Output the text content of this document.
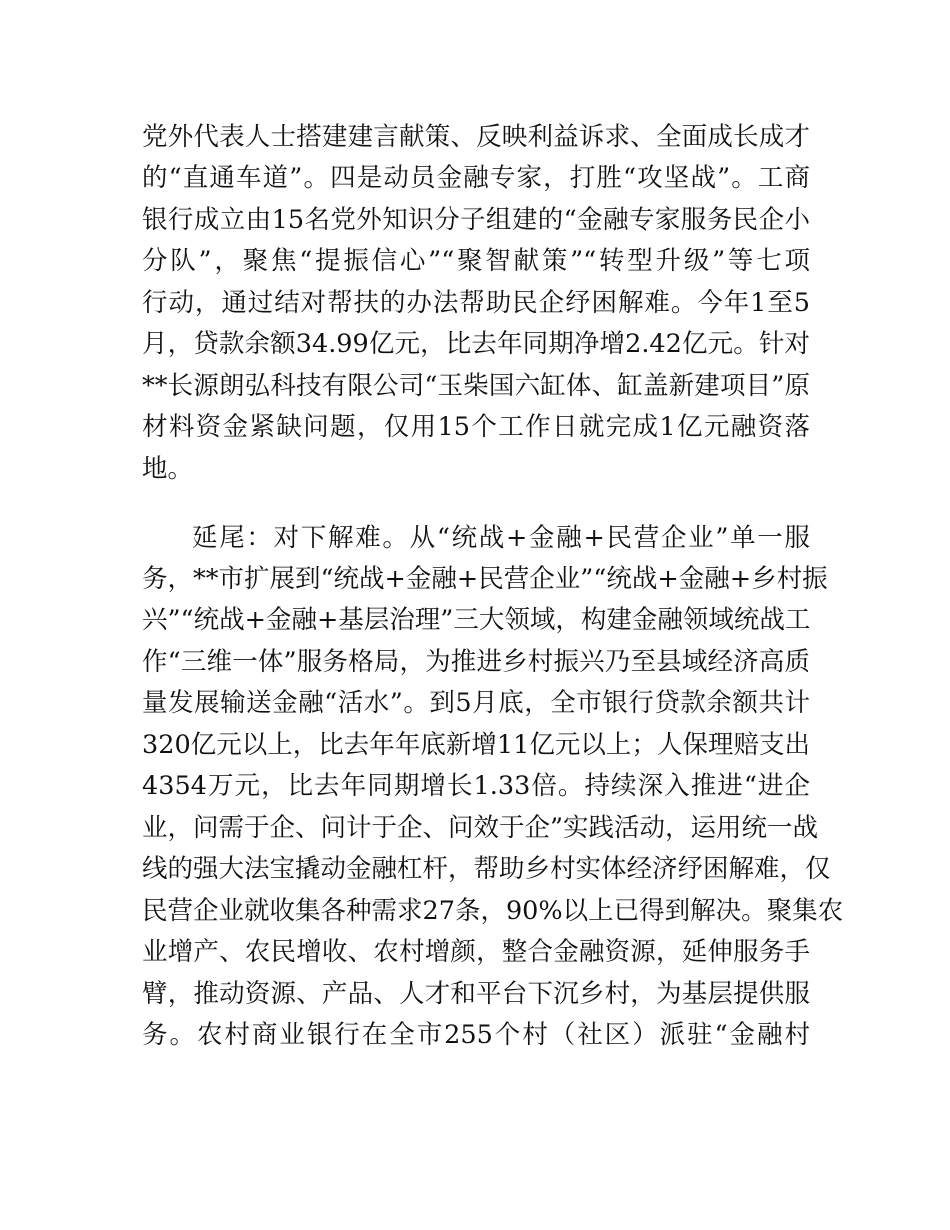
党外代表人士搭建建言献策、反映利益诉求、全面成长成才
的“直通车道”。四是动员金融专家，打胜“攻坚战”。工商
银行成立由15名党外知识分子组建的“金融专家服务民企小
分队”，聚焦“提振信心”“聚智献策”“转型升级”等七项
行动，通过结对帮扶的办法帮助民企纾困解难。今年1至5
月，贷款余额34.99亿元，比去年同期净增2.42亿元。针对
**长源朗弘科技有限公司“玉柴国六缸体、缸盖新建项目”原
材料资金紧缺问题，仅用15个工作日就完成1亿元融资落
地。
延尾：对下解难。从“统战+金融+民营企业”单一服
务，**市扩展到“统战+金融+民营企业”“统战+金融+乡村振
兴”“统战+金融+基层治理”三大领域，构建金融领域统战工
作“三维一体”服务格局，为推进乡村振兴乃至县域经济高质
量发展输送金融“活水”。到5月底，全市银行贷款余额共计
320亿元以上，比去年年底新增11亿元以上；人保理赔支出
4354万元，比去年同期增长1.33倍。持续深入推进“进企
业，问需于企、问计于企、问效于企”实践活动，运用统一战
线的强大法宝撬动金融杠杆，帮助乡村实体经济纾困解难，仅
民营企业就收集各种需求27条，90%以上已得到解决。聚集农
业增产、农民增收、农村增颜，整合金融资源，延伸服务手
臂，推动资源、产品、人才和平台下沉乡村，为基层提供服
务。农村商业银行在全市255个村（社区）派驻“金融村
